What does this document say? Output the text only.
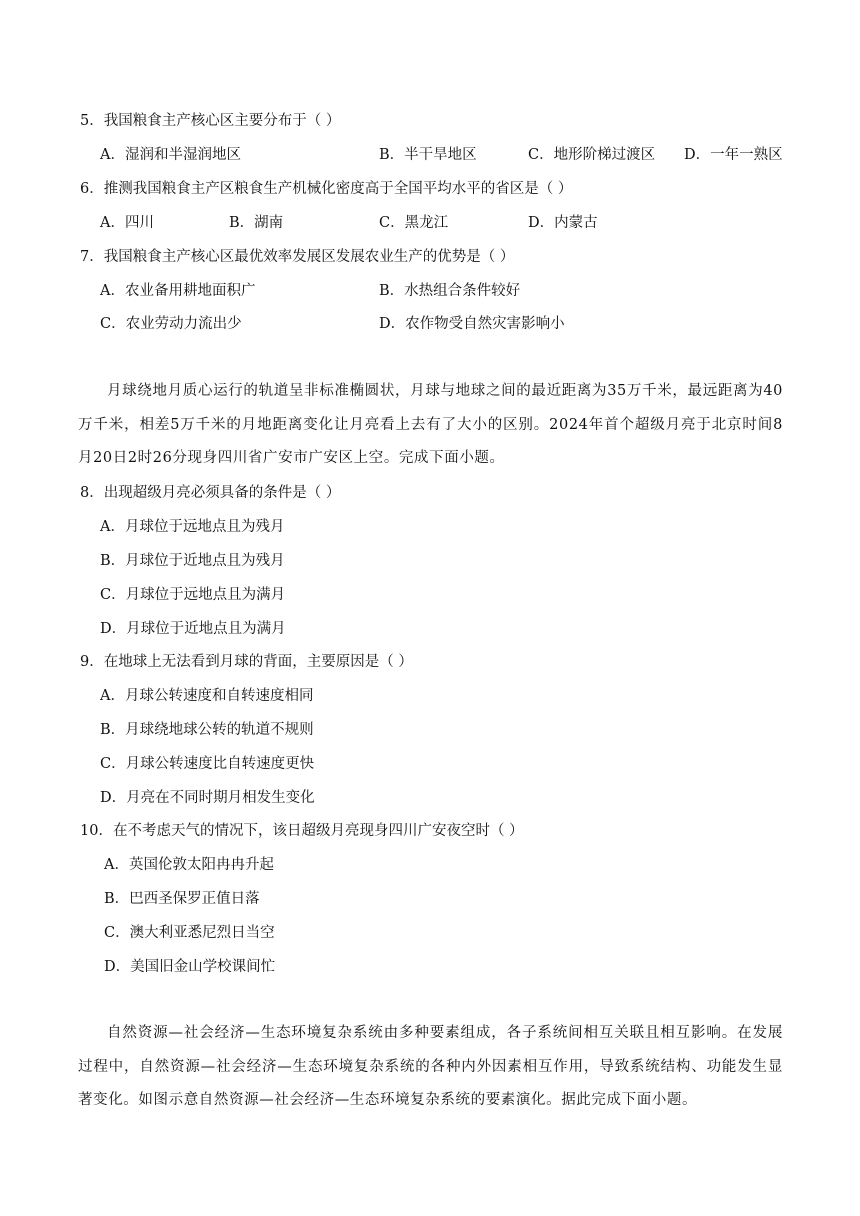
5．我国粮食主产核心区主要分布于（ ）
A．湿润和半湿润地区	B．半干旱地区	C．地形阶梯过渡区 D．一年一熟区
6．推测我国粮食主产区粮食生产机械化密度高于全国平均水平的省区是（ ）
A．四川	B．湖南	C．黑龙江	D．内蒙古
7．我国粮食主产核心区最优效率发展区发展农业生产的优势是（ ）
A．农业备用耕地面积广	B．水热组合条件较好
C．农业劳动力流出少	D．农作物受自然灾害影响小
月球绕地月质心运行的轨道呈非标准椭圆状，月球与地球之间的最近距离为35万千米，最远距离为40万千米，相差5万千米的月地距离变化让月亮看上去有了大小的区别。2024年首个超级月亮于北京时间8月20日2时26分现身四川省广安市广安区上空。完成下面小题。
8．出现超级月亮必须具备的条件是（ ）
A．月球位于远地点且为残月
B．月球位于近地点且为残月
C．月球位于远地点且为满月
D．月球位于近地点且为满月
9．在地球上无法看到月球的背面，主要原因是（ ）
A．月球公转速度和自转速度相同
B．月球绕地球公转的轨道不规则
C．月球公转速度比自转速度更快
D．月亮在不同时期月相发生变化
10．在不考虑天气的情况下，该日超级月亮现身四川广安夜空时（ ）
A．英国伦敦太阳冉冉升起
B．巴西圣保罗正值日落
C．澳大利亚悉尼烈日当空
D．美国旧金山学校课间忙
自然资源—社会经济—生态环境复杂系统由多种要素组成，各子系统间相互关联且相互影响。在发展过程中，自然资源—社会经济—生态环境复杂系统的各种内外因素相互作用，导致系统结构、功能发生显著变化。如图示意自然资源—社会经济—生态环境复杂系统的要素演化。据此完成下面小题。
